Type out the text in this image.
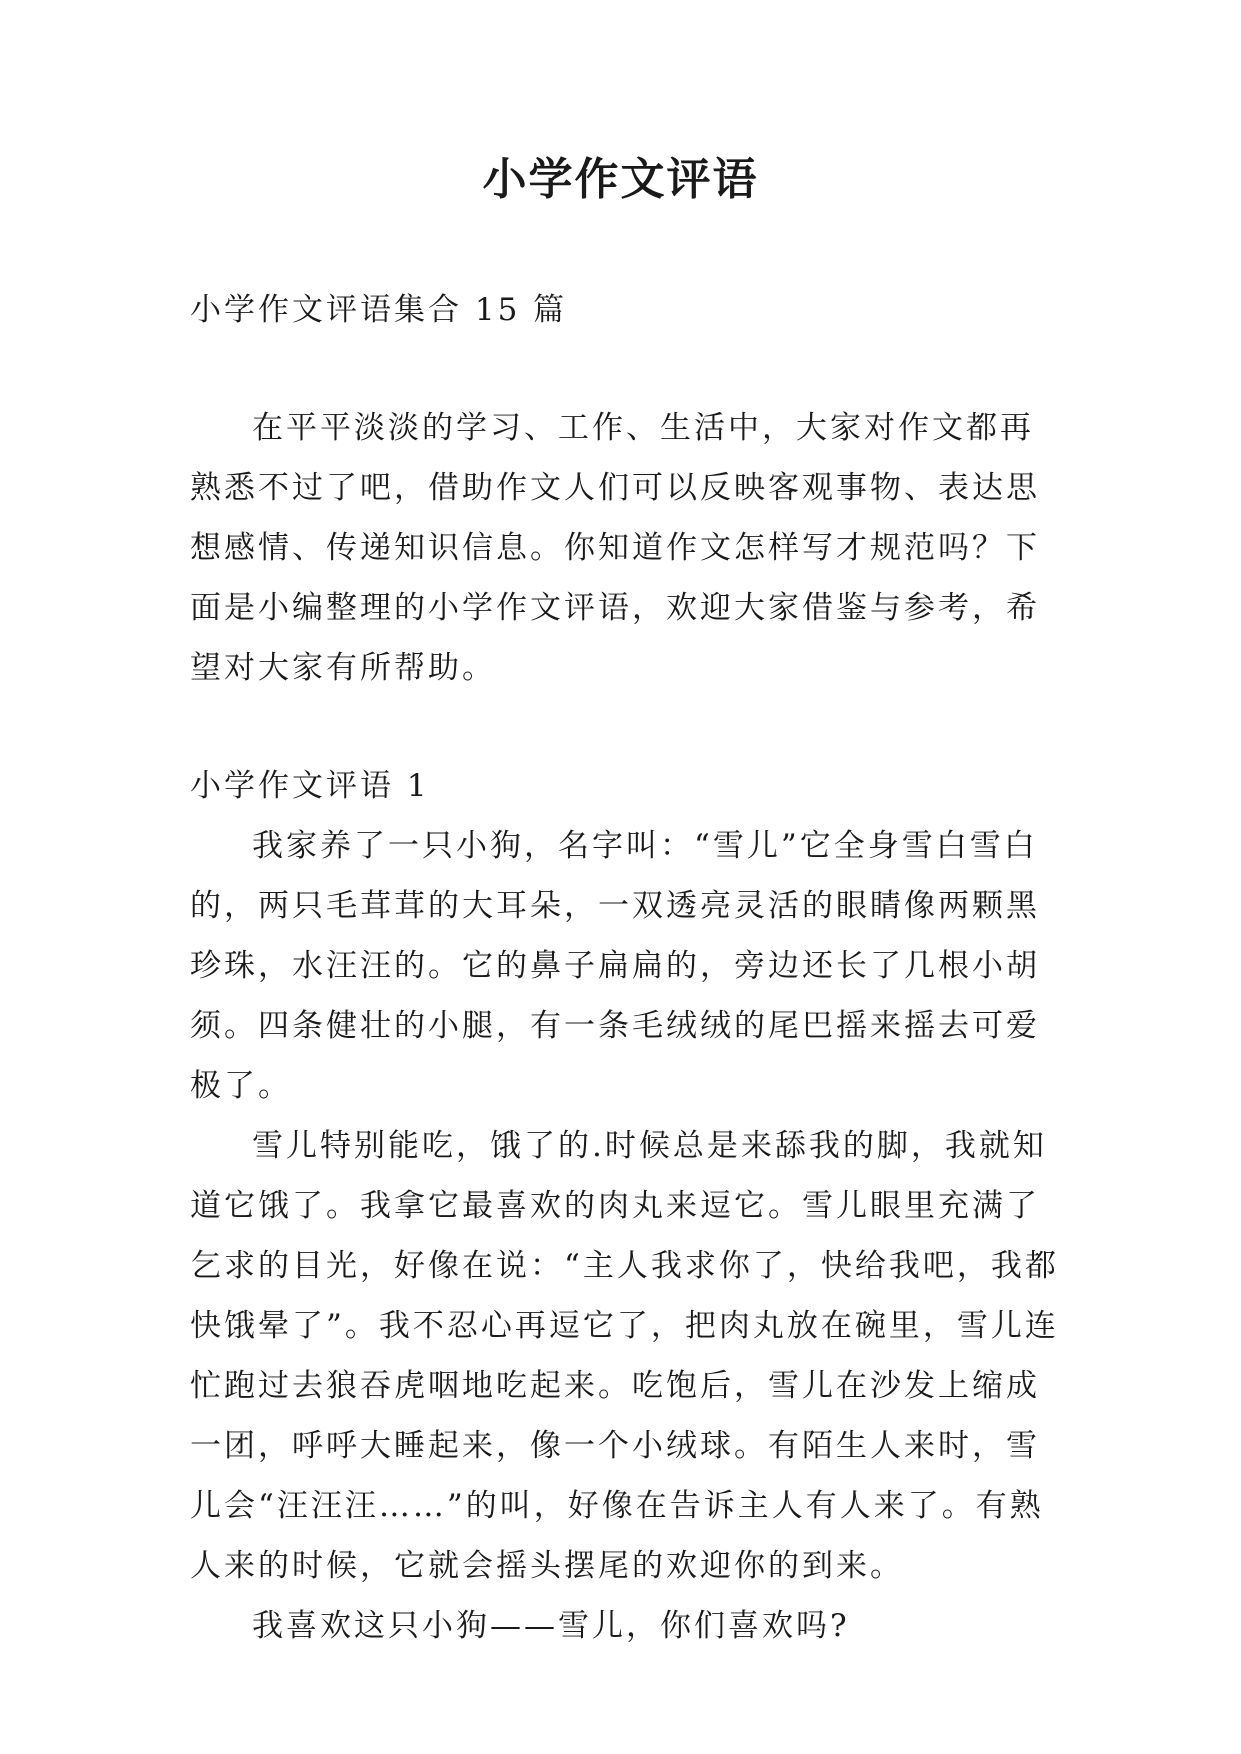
小学作文评语

小学作文评语集合 15 篇

在平平淡淡的学习、工作、生活中，大家对作文都再熟悉不过了吧，借助作文人们可以反映客观事物、表达思想感情、传递知识信息。你知道作文怎样写才规范吗？下面是小编整理的小学作文评语，欢迎大家借鉴与参考，希望对大家有所帮助。

小学作文评语 1

我家养了一只小狗，名字叫：“雪儿”它全身雪白雪白的，两只毛茸茸的大耳朵，一双透亮灵活的眼睛像两颗黑珍珠，水汪汪的。它的鼻子扁扁的，旁边还长了几根小胡须。四条健壮的小腿，有一条毛绒绒的尾巴摇来摇去可爱极了。

雪儿特别能吃，饿了的.时候总是来舔我的脚，我就知道它饿了。我拿它最喜欢的肉丸来逗它。雪儿眼里充满了乞求的目光，好像在说：“主人我求你了，快给我吧，我都快饿晕了”。我不忍心再逗它了，把肉丸放在碗里，雪儿连忙跑过去狼吞虎咽地吃起来。吃饱后，雪儿在沙发上缩成一团，呼呼大睡起来，像一个小绒球。有陌生人来时，雪儿会“汪汪汪……”的叫，好像在告诉主人有人来了。有熟人来的时候，它就会摇头摆尾的欢迎你的到来。

我喜欢这只小狗——雪儿，你们喜欢吗?
